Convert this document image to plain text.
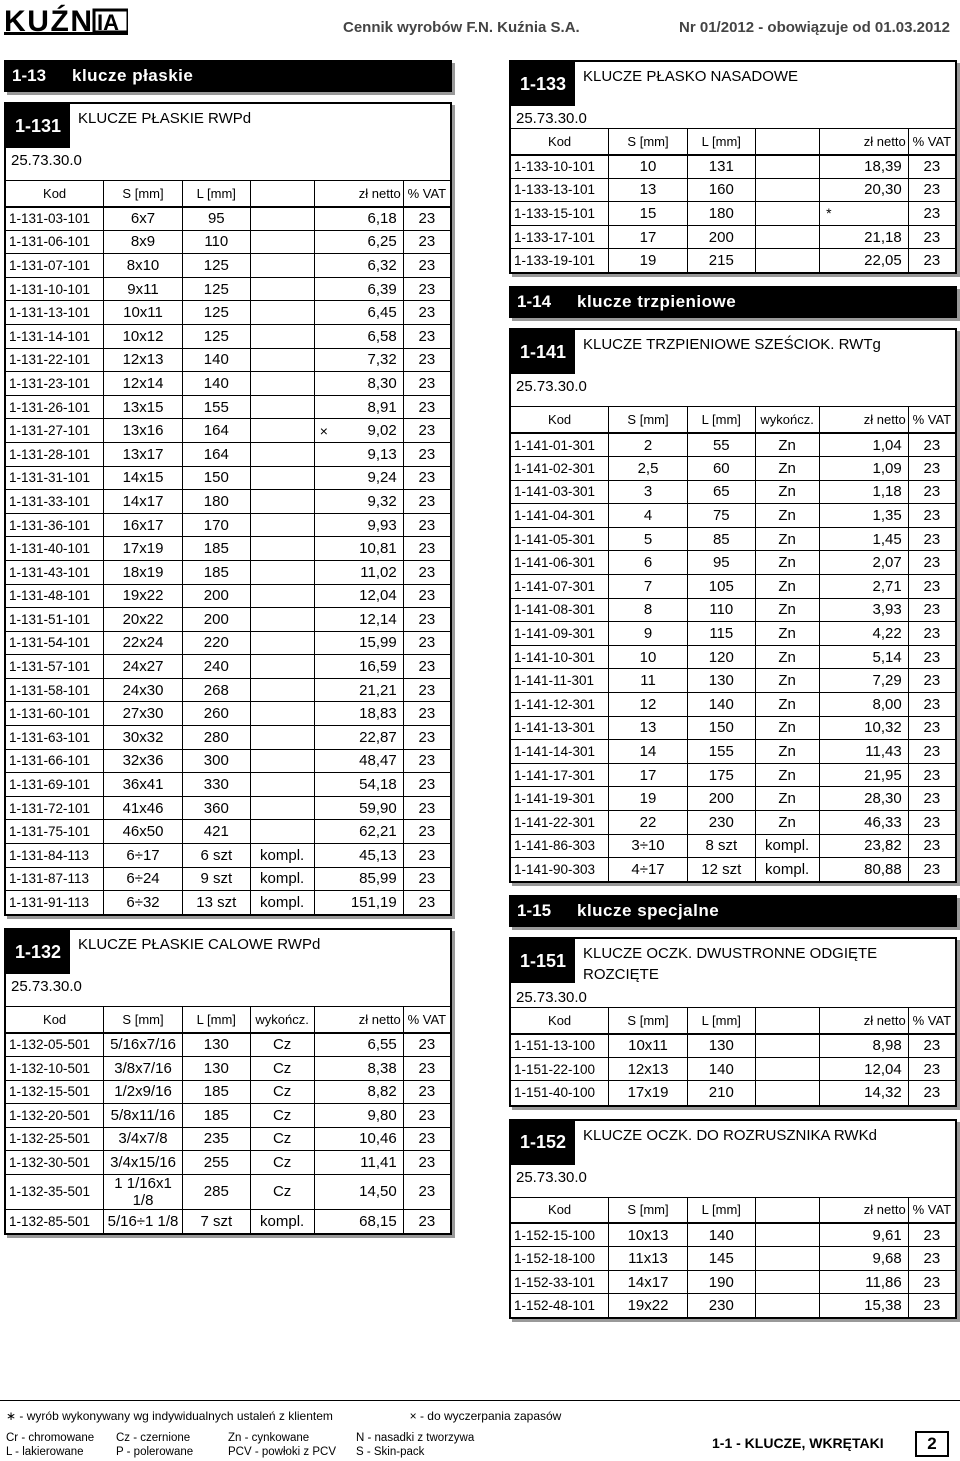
KUŹN IA	Cennik wyrobów F.N. Kuźnia S.A.	Nr 01/2012 - obowiązuje od 01.03.2012
1-13	klucze płaskie
1-131	KLUCZE PŁASKIE RWPd
25.73.30.0
Kod	S [mm]	L [mm]			zł netto	% VAT
1-131-03-101	6x7	95			6,18	23
1-131-06-101	8x9	110			6,25	23
1-131-07-101	8x10	125			6,32	23
1-131-10-101	9x11	125			6,39	23
1-131-13-101	10x11	125			6,45	23
1-131-14-101	10x12	125			6,58	23
1-131-22-101	12x13	140			7,32	23
1-131-23-101	12x14	140			8,30	23
1-131-26-101	13x15	155			8,91	23
1-131-27-101	13x16	164		×	9,02	23
1-131-28-101	13x17	164			9,13	23
1-131-31-101	14x15	150			9,24	23
1-131-33-101	14x17	180			9,32	23
1-131-36-101	16x17	170			9,93	23
1-131-40-101	17x19	185			10,81	23
1-131-43-101	18x19	185			11,02	23
1-131-48-101	19x22	200			12,04	23
1-131-51-101	20x22	200			12,14	23
1-131-54-101	22x24	220			15,99	23
1-131-57-101	24x27	240			16,59	23
1-131-58-101	24x30	268			21,21	23
1-131-60-101	27x30	260			18,83	23
1-131-63-101	30x32	280			22,87	23
1-131-66-101	32x36	300			48,47	23
1-131-69-101	36x41	330			54,18	23
1-131-72-101	41x46	360			59,90	23
1-131-75-101	46x50	421			62,21	23
1-131-84-113	6÷17	6 szt	kompl.		45,13	23
1-131-87-113	6÷24	9 szt	kompl.		85,99	23
1-131-91-113	6÷32	13 szt	kompl.		151,19	23
1-132	KLUCZE PŁASKIE CALOWE RWPd
25.73.30.0
Kod	S [mm]	L [mm]	wykończ.		zł netto	% VAT
1-132-05-501	5/16x7/16	130	Cz		6,55	23
1-132-10-501	3/8x7/16	130	Cz		8,38	23
1-132-15-501	1/2x9/16	185	Cz		8,82	23
1-132-20-501	5/8x11/16	185	Cz		9,80	23
1-132-25-501	3/4x7/8	235	Cz		10,46	23
1-132-30-501	3/4x15/16	255	Cz		11,41	23
1-132-35-501	1 1/16x1 1/8	285	Cz		14,50	23
1-132-85-501	5/16÷1 1/8	7 szt	kompl.		68,15	23
1-133	KLUCZE PŁASKO NASADOWE
25.73.30.0
Kod	S [mm]	L [mm]			zł netto	% VAT
1-133-10-101	10	131			18,39	23
1-133-13-101	13	160			20,30	23
1-133-15-101	15	180		*		23
1-133-17-101	17	200			21,18	23
1-133-19-101	19	215			22,05	23
1-14	klucze trzpieniowe
1-141	KLUCZE TRZPIENIOWE SZEŚCIOK. RWTg
25.73.30.0
Kod	S [mm]	L [mm]	wykończ.		zł netto	% VAT
1-141-01-301	2	55	Zn		1,04	23
1-141-02-301	2,5	60	Zn		1,09	23
1-141-03-301	3	65	Zn		1,18	23
1-141-04-301	4	75	Zn		1,35	23
1-141-05-301	5	85	Zn		1,45	23
1-141-06-301	6	95	Zn		2,07	23
1-141-07-301	7	105	Zn		2,71	23
1-141-08-301	8	110	Zn		3,93	23
1-141-09-301	9	115	Zn		4,22	23
1-141-10-301	10	120	Zn		5,14	23
1-141-11-301	11	130	Zn		7,29	23
1-141-12-301	12	140	Zn		8,00	23
1-141-13-301	13	150	Zn		10,32	23
1-141-14-301	14	155	Zn		11,43	23
1-141-17-301	17	175	Zn		21,95	23
1-141-19-301	19	200	Zn		28,30	23
1-141-22-301	22	230	Zn		46,33	23
1-141-86-303	3÷10	8 szt	kompl.		23,82	23
1-141-90-303	4÷17	12 szt	kompl.		80,88	23
1-15	klucze specjalne
1-151	KLUCZE OCZK. DWUSTRONNE ODGIĘTE
ROZCIĘTE
25.73.30.0
Kod	S [mm]	L [mm]			zł netto	% VAT
1-151-13-100	10x11	130			8,98	23
1-151-22-100	12x13	140			12,04	23
1-151-40-100	17x19	210			14,32	23
1-152	KLUCZE OCZK. DO ROZRUSZNIKA RWKd
25.73.30.0
Kod	S [mm]	L [mm]			zł netto	% VAT
1-152-15-100	10x13	140			9,61	23
1-152-18-100	11x13	145			9,68	23
1-152-33-101	14x17	190			11,86	23
1-152-48-101	19x22	230			15,38	23
∗ - wyrób wykonywany wg indywidualnych ustaleń z klientem	× - do wyczerpania zapasów
Cr - chromowane Cz - czernione	Zn - cynkowane	N - nasadki z tworzywa
L - lakierowane	P - polerowane	PCV - powłoki z PCV S - Skin-pack
1-1 - KLUCZE, WKRĘTAKI	2
